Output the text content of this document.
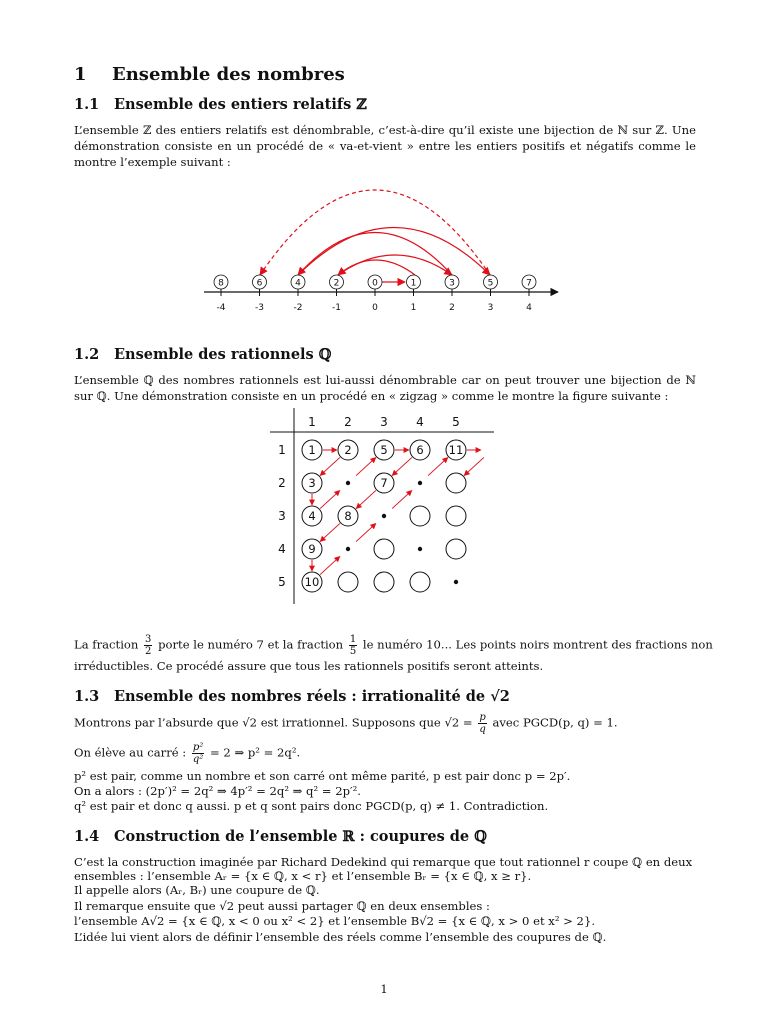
1 Ensemble des nombres
1.1 Ensemble des entiers relatifs ℤ
L’ensemble ℤ des entiers relatifs est dénombrable, c’est-à-dire qu’il existe une bijection de ℕ sur ℤ. Une démonstration consiste en un procédé de « va-et-vient » entre les entiers positifs et négatifs comme le montre l’exemple suivant :
-4
8
-3
6
-2
4
-1
2
0
0
1
1
2
3
3
5
4
7
1.2 Ensemble des rationnels ℚ
L’ensemble ℚ des nombres rationnels est lui-aussi dénombrable car on peut trouver une bijection de ℕ sur ℚ. Une démonstration consiste en un procédé en « zigzag » comme le montre la figure suivante :
1 2 3 4 5
1
2
3
4
5
1 2 5 6 11
3	7
4 8
9
10
La fraction $\frac{3}{2}$ porte le numéro 7 et la fraction $\frac{1}{5}$ le numéro 10... Les points noirs montrent des fractions non
irréductibles. Ce procédé assure que tous les rationnels positifs seront atteints.
1.3 Ensemble des nombres réels : irrationalité de √2
Montrons par l’absurde que √2 est irrationnel. Supposons que $√2 = \frac{p}{q}$ avec PGCD(p, q) = 1.
On élève au carré : $\frac{\text{p²}}{\text{q²}} = 2$ ⇒ p² = 2q².
p² est pair, comme un nombre et son carré ont même parité, p est pair donc p = 2p′.
On a alors : (2p′)² = 2q² ⇒ 4p′² = 2q² ⇒ q² = 2p′².
q² est pair et donc q aussi. p et q sont pairs donc PGCD(p, q) ≠ 1. Contradiction.
1.4 Construction de l’ensemble ℝ : coupures de ℚ
C’est la construction imaginée par Richard Dedekind qui remarque que tout rationnel r coupe ℚ en deux
ensembles : l’ensemble Aᵣ = {x ∈ ℚ, x < r} et l’ensemble Bᵣ = {x ∈ ℚ, x ≥ r}.
Il appelle alors (Aᵣ, Bᵣ) une coupure de ℚ.
Il remarque ensuite que √2 peut aussi partager ℚ en deux ensembles :
l’ensemble A√2 = {x ∈ ℚ, x < 0 ou x² < 2} et l’ensemble B√2 = {x ∈ ℚ, x > 0 et x² > 2}.
L’idée lui vient alors de définir l’ensemble des réels comme l’ensemble des coupures de ℚ.
1
